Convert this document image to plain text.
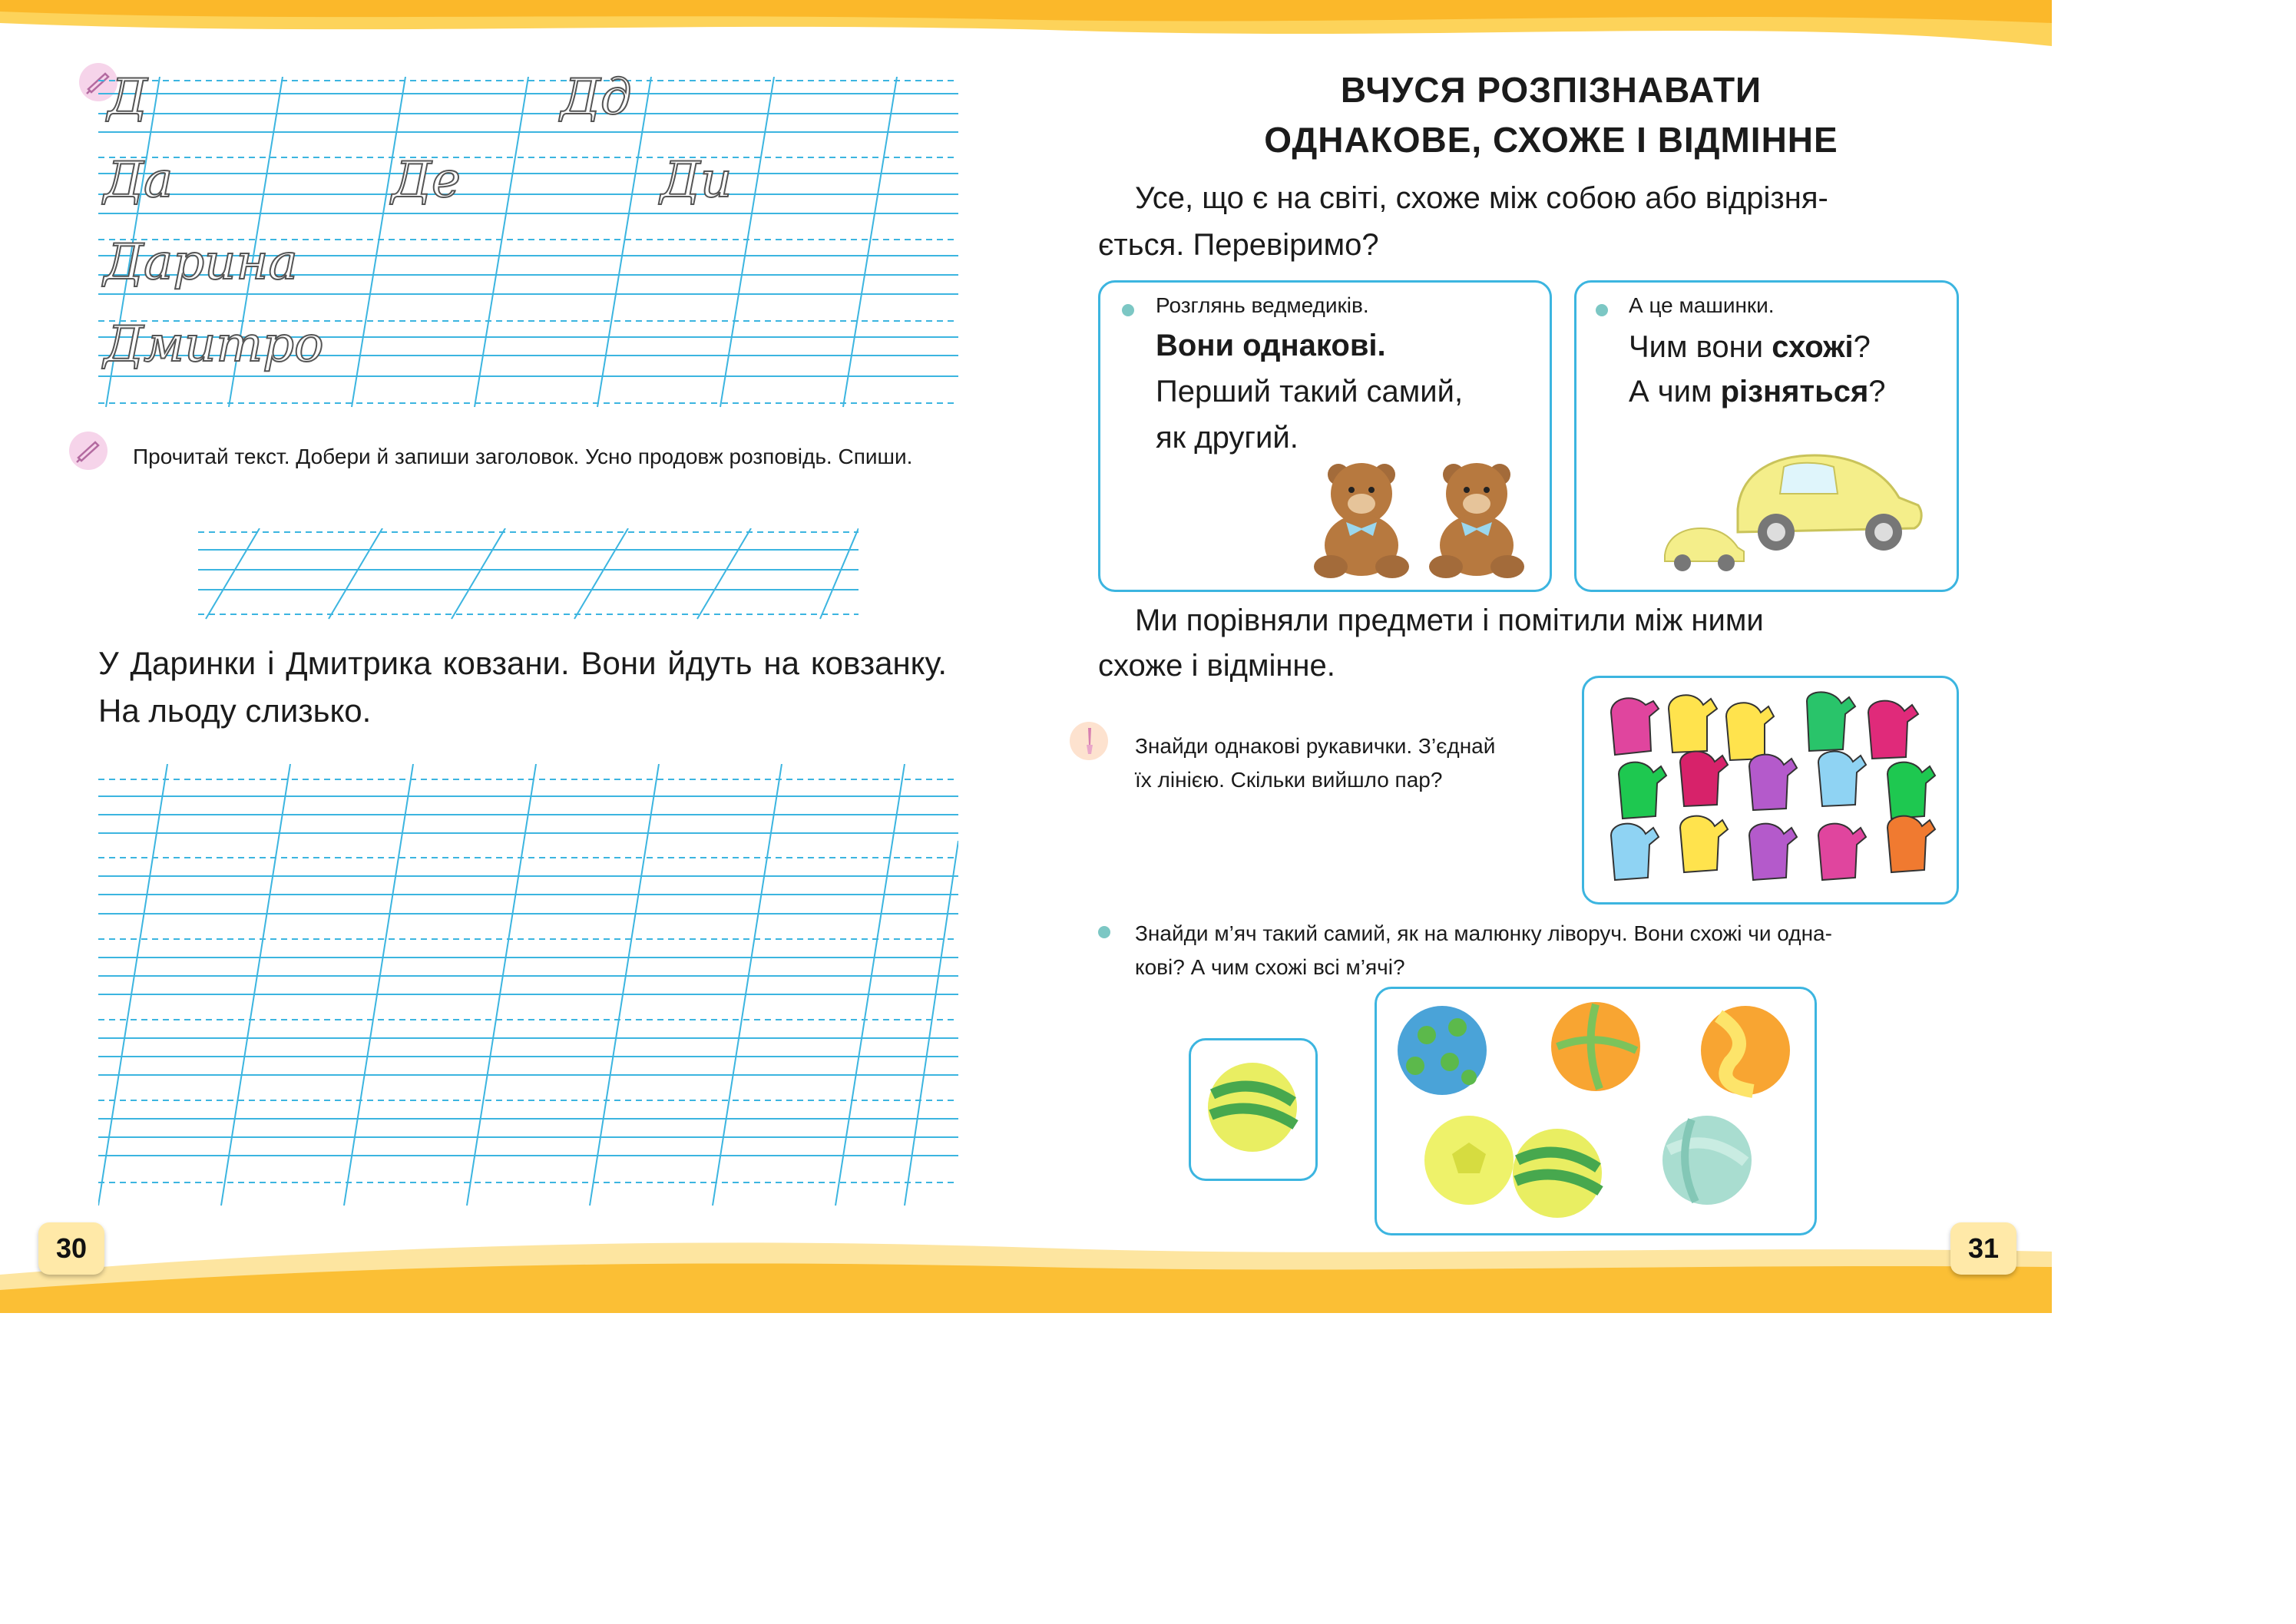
Д	Дд
Да	Де	Ди
Дарина
Дмитро
Прочитай текст. Добери й запиши заголовок. Усно продовж розповідь. Спиши.
У Даринки і Дмитрика ковзани. Вони йдуть на ковзанку. На льоду слизько.
30
ВЧУСЯ РОЗПІЗНАВАТИ
ОДНАКОВЕ, СХОЖЕ І ВІДМІННЕ
Усе, що є на світі, схоже між собою або відрізня-
ється. Перевіримо?
Розглянь ведмедиків.
Вони однакові.
Перший такий самий,
як другий.
А це машинки.
Чим вони схожі?
А чим різняться?
Ми порівняли предмети і помітили між ними
схоже і відмінне.
Знайди однакові рукавички. З’єднай
їх лінією. Скільки вийшло пар?
Знайди м’яч такий самий, як на малюнку ліворуч. Вони схожі чи одна-
кові? А чим схожі всі м’ячі?
31
